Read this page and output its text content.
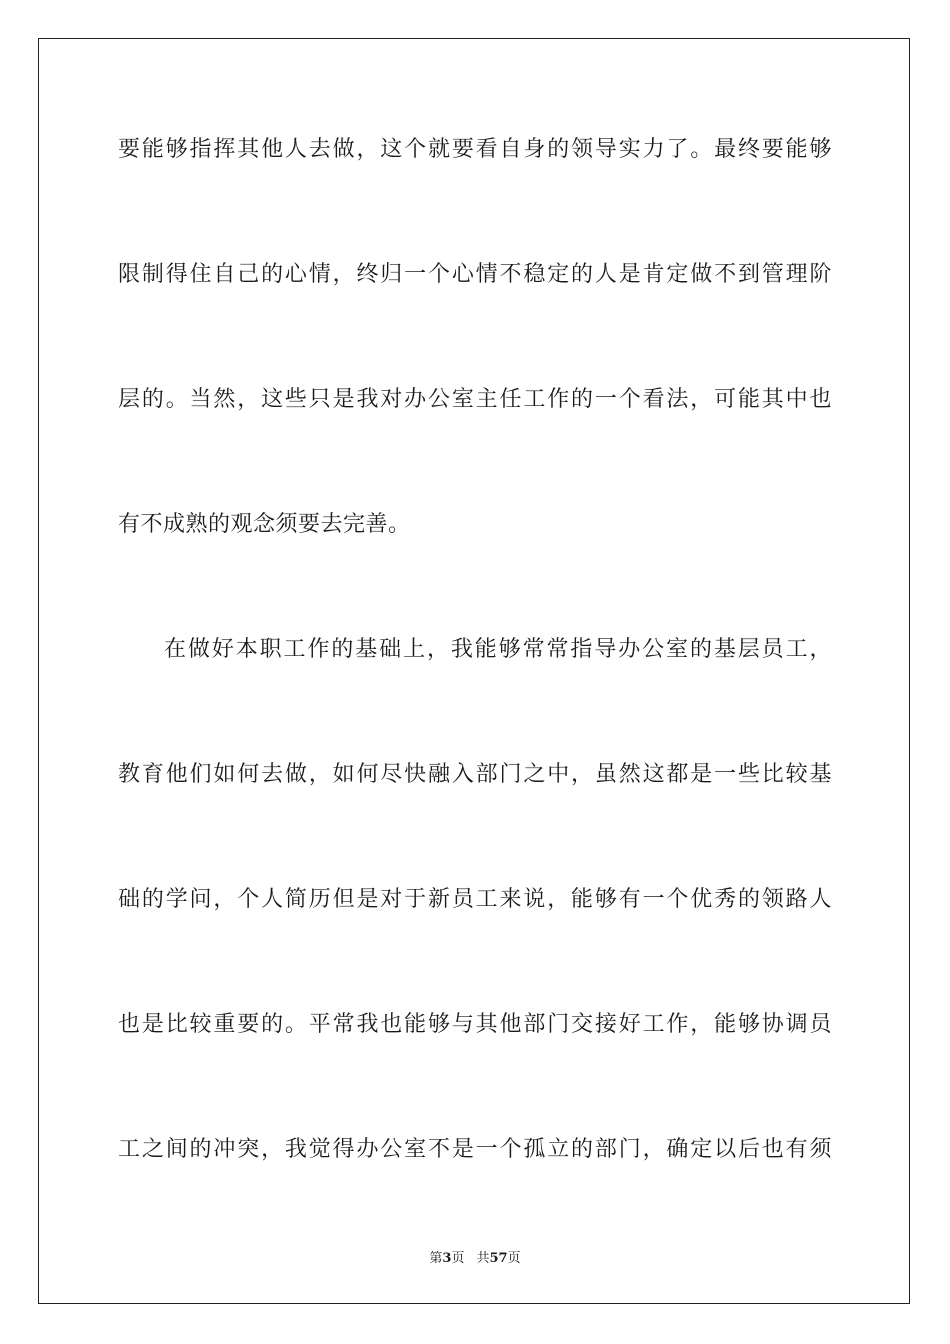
要能够指挥其他人去做，这个就要看自身的领导实力了。最终要能够
限制得住自己的心情，终归一个心情不稳定的人是肯定做不到管理阶
层的。当然，这些只是我对办公室主任工作的一个看法，可能其中也
有不成熟的观念须要去完善。
在做好本职工作的基础上，我能够常常指导办公室的基层员工，
教育他们如何去做，如何尽快融入部门之中，虽然这都是一些比较基
础的学问，个人简历但是对于新员工来说，能够有一个优秀的领路人
也是比较重要的。平常我也能够与其他部门交接好工作，能够协调员
工之间的冲突，我觉得办公室不是一个孤立的部门，确定以后也有须
第3页 共57页
